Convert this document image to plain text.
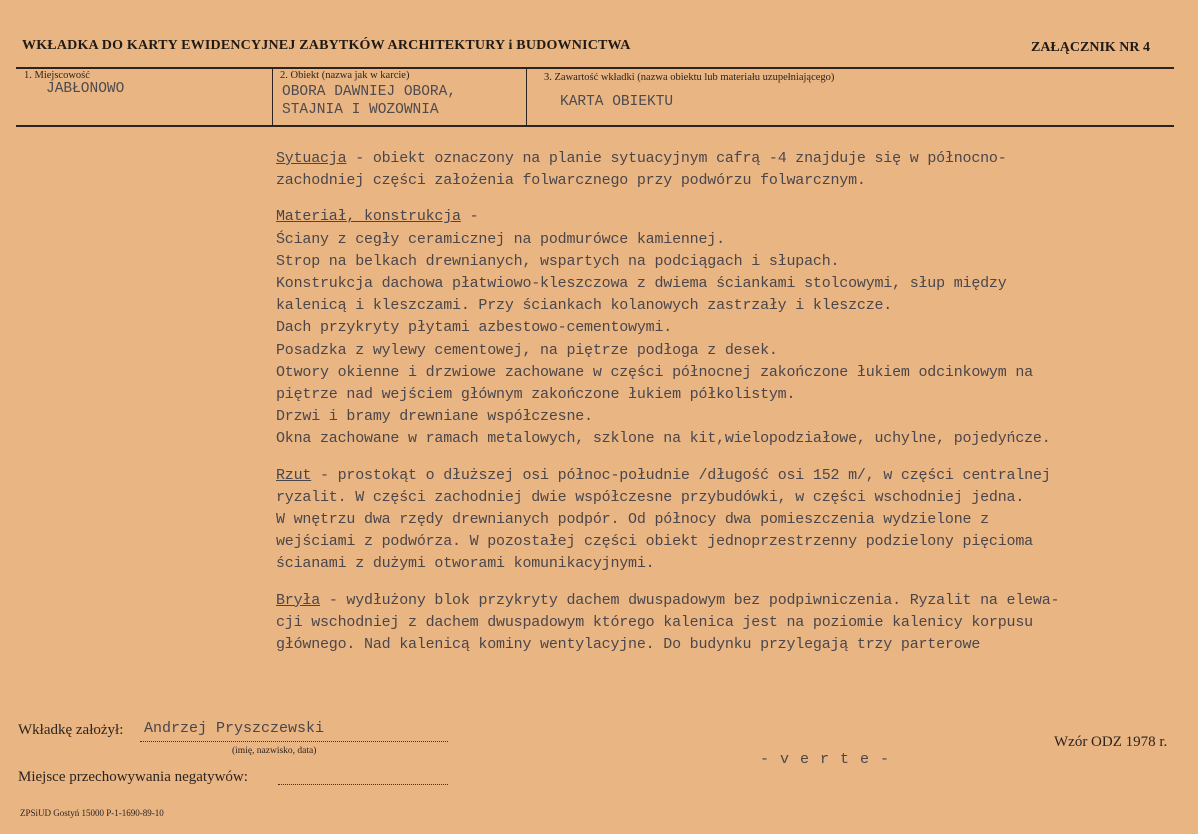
WKŁADKA DO KARTY EWIDENCYJNEJ ZABYTKÓW ARCHITEKTURY i BUDOWNICTWA	ZAŁĄCZNIK NR 4
1. Miejscowość
JABŁONOWO
2. Obiekt (nazwa jak w karcie)
OBORA DAWNIEJ OBORA,
STAJNIA I WOZOWNIA
3. Zawartość wkładki (nazwa obiektu lub materiału uzupełniającego)
KARTA OBIEKTU
Sytuacja - obiekt oznaczony na planie sytuacyjnym cafrą -4 znajduje się w północno-
zachodniej części założenia folwarcznego przy podwórzu folwarcznym.
Materiał, konstrukcja -
Ściany z cegły ceramicznej na podmurówce kamiennej.
Strop na belkach drewnianych, wspartych na podciągach i słupach.
Konstrukcja dachowa płatwiowo-kleszczowa z dwiema ściankami stolcowymi, słup między
kalenicą i kleszczami. Przy ściankach kolanowych zastrzały i kleszcze.
Dach przykryty płytami azbestowo-cementowymi.
Posadzka z wylewy cementowej, na piętrze podłoga z desek.
Otwory okienne i drzwiowe zachowane w części północnej zakończone łukiem odcinkowym na
piętrze nad wejściem głównym zakończone łukiem półkolistym.
Drzwi i bramy drewniane współczesne.
Okna zachowane w ramach metalowych, szklone na kit,wielopodziałowe, uchylne, pojedyńcze.
Rzut - prostokąt o dłuższej osi północ-południe /długość osi 152 m/, w części centralnej
ryzalit. W części zachodniej dwie współczesne przybudówki, w części wschodniej jedna.
W wnętrzu dwa rzędy drewnianych podpór. Od północy dwa pomieszczenia wydzielone z
wejściami z podwórza. W pozostałej części obiekt jednoprzestrzenny podzielony pięcioma
ścianami z dużymi otworami komunikacyjnymi.
Bryła - wydłużony blok przykryty dachem dwuspadowym bez podpiwniczenia. Ryzalit na elewa-
cji wschodniej z dachem dwuspadowym którego kalenica jest na poziomie kalenicy korpusu
głównego. Nad kalenicą kominy wentylacyjne. Do budynku przylegają trzy parterowe
Wkładkę założył: Andrzej Pryszczewski
(imię, nazwisko, data)
Wzór ODZ 1978 r.
- v e r t e -
Miejsce przechowywania negatywów:
ZPSiUD Gostyń 15000 P-1-1690-89-10
